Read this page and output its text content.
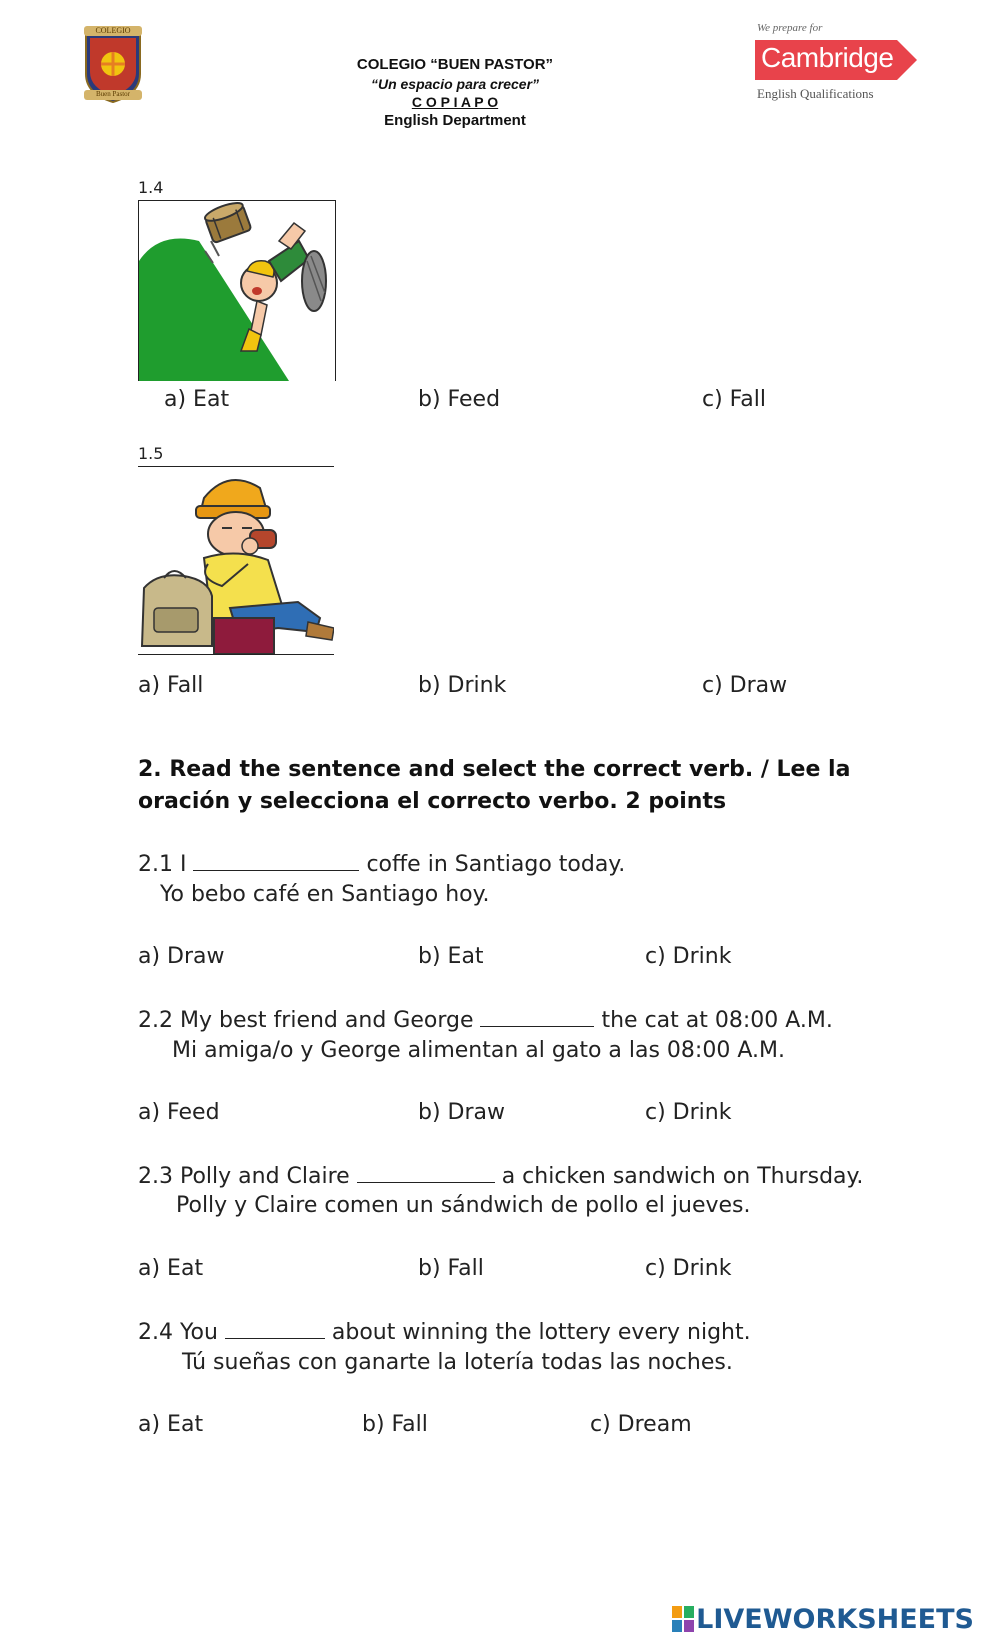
COLEGIO
Buen Pastor
COLEGIO “BUEN PASTOR”
“Un espacio para crecer”
C O P I A P O
English Department
We prepare for
Cambridge
English Qualifications
1.4
a) Eat	b) Feed	c) Fall
1.5
a) Fall	b) Drink	c) Draw
2. Read the sentence and select the correct verb. / Lee la oración y selecciona el correcto verbo. 2 points
2.1 I	coffe in Santiago today.
Yo bebo café en Santiago hoy.
a) Draw	b) Eat	c) Drink
2.2 My best friend and George	the cat at 08:00 A.M.
Mi amiga/o y George alimentan al gato a las 08:00 A.M.
a) Feed	b) Draw	c) Drink
2.3 Polly and Claire	a chicken sandwich on Thursday.
Polly y Claire comen un sándwich de pollo el jueves.
a) Eat	b) Fall	c) Drink
2.4 You	about winning the lottery every night.
Tú sueñas con ganarte la lotería todas las noches.
a) Eat	b) Fall	c) Dream
LIVEWORKSHEETS
